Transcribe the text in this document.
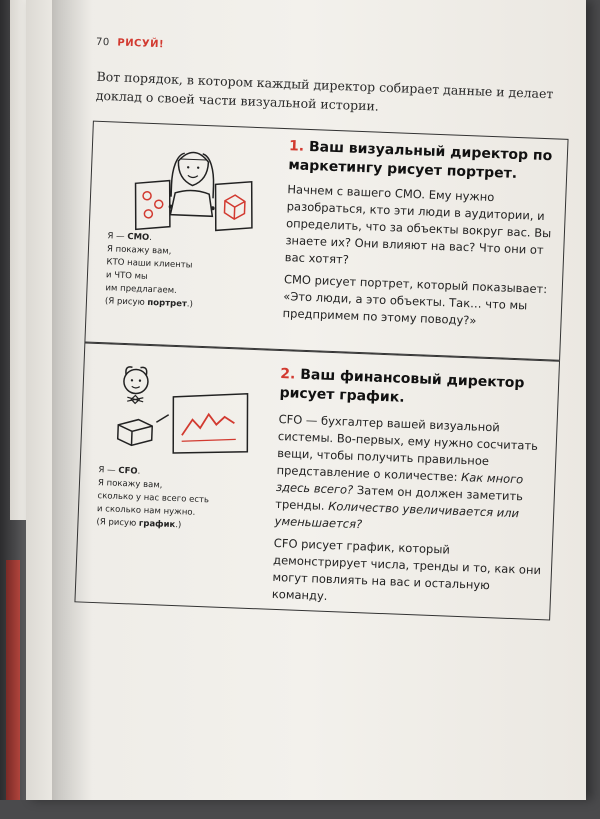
70 РИСУЙ!
Вот порядок, в котором каждый директор собирает данные и делает доклад о своей части визуальной истории.
Я — CMO.
Я покажу вам,
КТО наши клиенты
и ЧТО мы
им предлагаем.
(Я рисую портрет.)
1. Ваш визуальный директор по маркетингу рисует портрет.

Начнем с вашего CMO. Ему нужно разобраться, кто эти люди в аудитории, и определить, что за объекты вокруг вас. Вы знаете их? Они влияют на вас? Что они от вас хотят?

CMO рисует портрет, который показывает: «Это люди, а это объекты. Так… что мы предпримем по этому поводу?»

Я — CFO.
Я покажу вам,
сколько у нас всего есть
и сколько нам нужно.
(Я рисую график.)
2. Ваш финансовый директор рисует график.

CFO — бухгалтер вашей визуальной системы. Во-первых, ему нужно сосчитать вещи, чтобы получить правильное представление о количестве: Как много здесь всего? Затем он должен заметить тренды. Количество увеличивается или уменьшается?

CFO рисует график, который демонстрирует числа, тренды и то, как они могут повлиять на вас и остальную команду.
